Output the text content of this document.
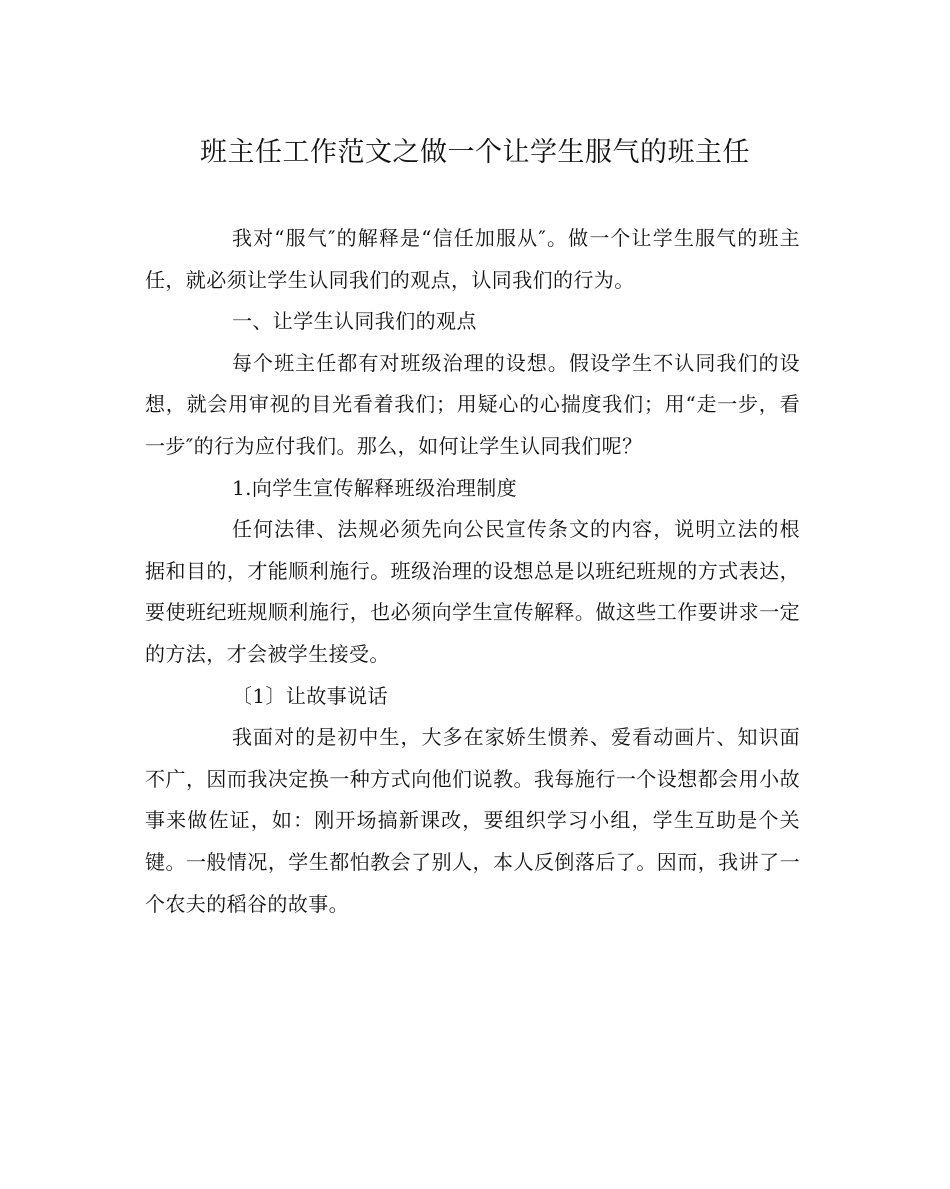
班主任工作范文之做一个让学生服气的班主任

我对“服气″的解释是“信任加服从″。做一个让学生服气的班主任，就必须让学生认同我们的观点，认同我们的行为。

一、让学生认同我们的观点

每个班主任都有对班级治理的设想。假设学生不认同我们的设想，就会用审视的目光看着我们；用疑心的心揣度我们；用“走一步，看一步″的行为应付我们。那么，如何让学生认同我们呢？

1.向学生宣传解释班级治理制度

任何法律、法规必须先向公民宣传条文的内容，说明立法的根据和目的，才能顺利施行。班级治理的设想总是以班纪班规的方式表达，要使班纪班规顺利施行，也必须向学生宣传解释。做这些工作要讲求一定的方法，才会被学生接受。

〔1〕让故事说话

我面对的是初中生，大多在家娇生惯养、爱看动画片、知识面不广，因而我决定换一种方式向他们说教。我每施行一个设想都会用小故事来做佐证，如：刚开场搞新课改，要组织学习小组，学生互助是个关键。一般情况，学生都怕教会了别人，本人反倒落后了。因而，我讲了一个农夫的稻谷的故事。
